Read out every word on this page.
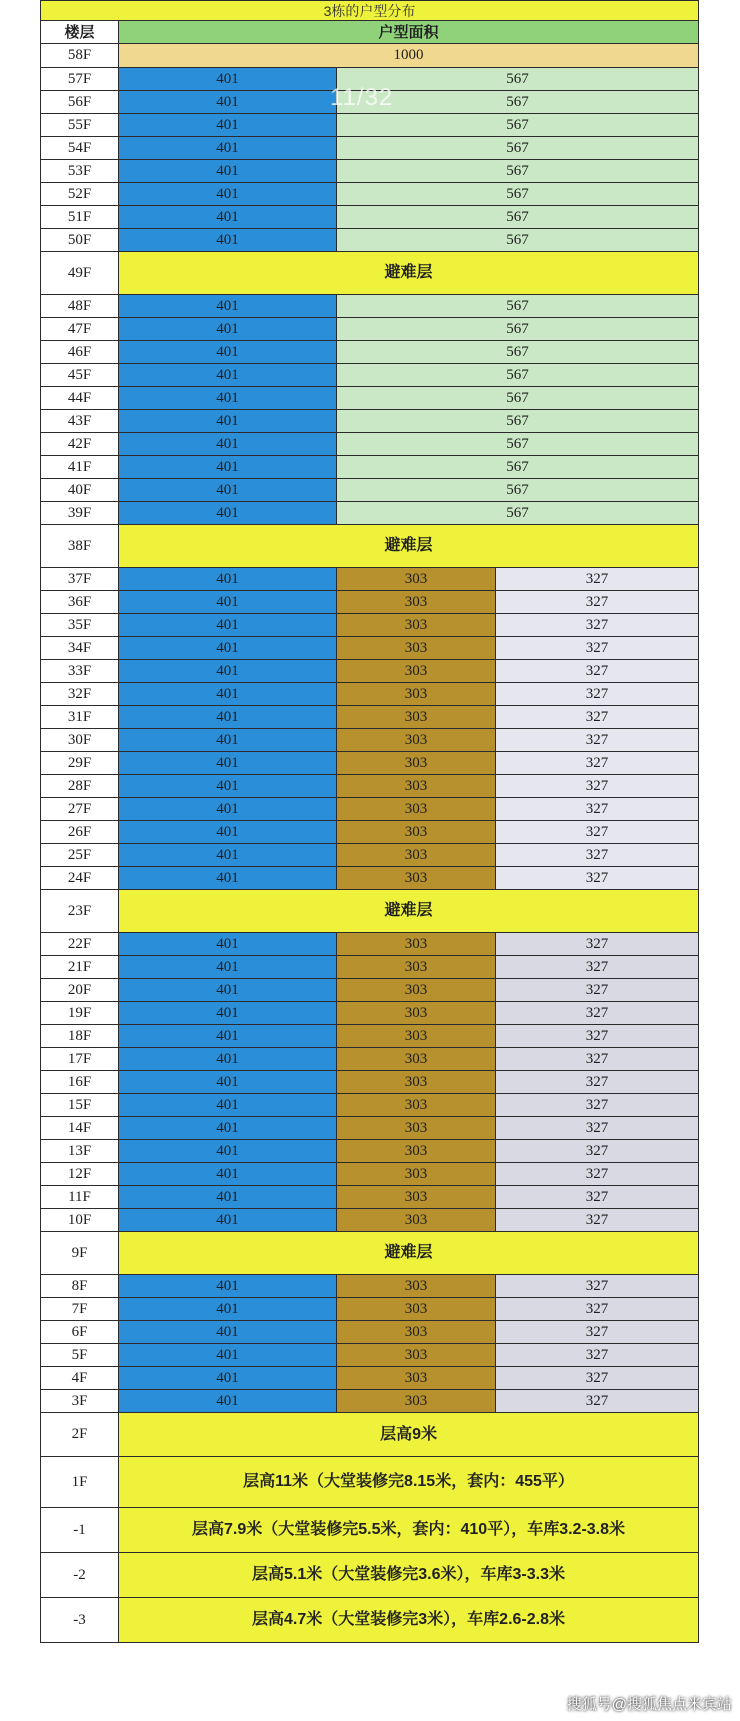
3栋的户型分布			
楼层	户型面积		
58F	1000		
57F	401	567	
56F	401	567	
55F	401	567	
54F	401	567	
53F	401	567	
52F	401	567	
51F	401	567	
50F	401	567	
49F	避难层		
48F	401	567	
47F	401	567	
46F	401	567	
45F	401	567	
44F	401	567	
43F	401	567	
42F	401	567	
41F	401	567	
40F	401	567	
39F	401	567	
38F	避难层		
37F	401	303	327
36F	401	303	327
35F	401	303	327
34F	401	303	327
33F	401	303	327
32F	401	303	327
31F	401	303	327
30F	401	303	327
29F	401	303	327
28F	401	303	327
27F	401	303	327
26F	401	303	327
25F	401	303	327
24F	401	303	327
23F	避难层		
22F	401	303	327
21F	401	303	327
20F	401	303	327
19F	401	303	327
18F	401	303	327
17F	401	303	327
16F	401	303	327
15F	401	303	327
14F	401	303	327
13F	401	303	327
12F	401	303	327
11F	401	303	327
10F	401	303	327
9F	避难层		
8F	401	303	327
7F	401	303	327
6F	401	303	327
5F	401	303	327
4F	401	303	327
3F	401	303	327
2F	层高9米		
1F	层高11米（大堂装修完8.15米，套内：455平）		
-1	层高7.9米（大堂装修完5.5米，套内：410平），车库3.2-3.8米		
-2	层高5.1米（大堂装修完3.6米），车库3-3.3米		
-3	层高4.7米（大堂装修完3米），车库2.6-2.8米		
11/32
搜狐号@搜狐焦点米宾站
